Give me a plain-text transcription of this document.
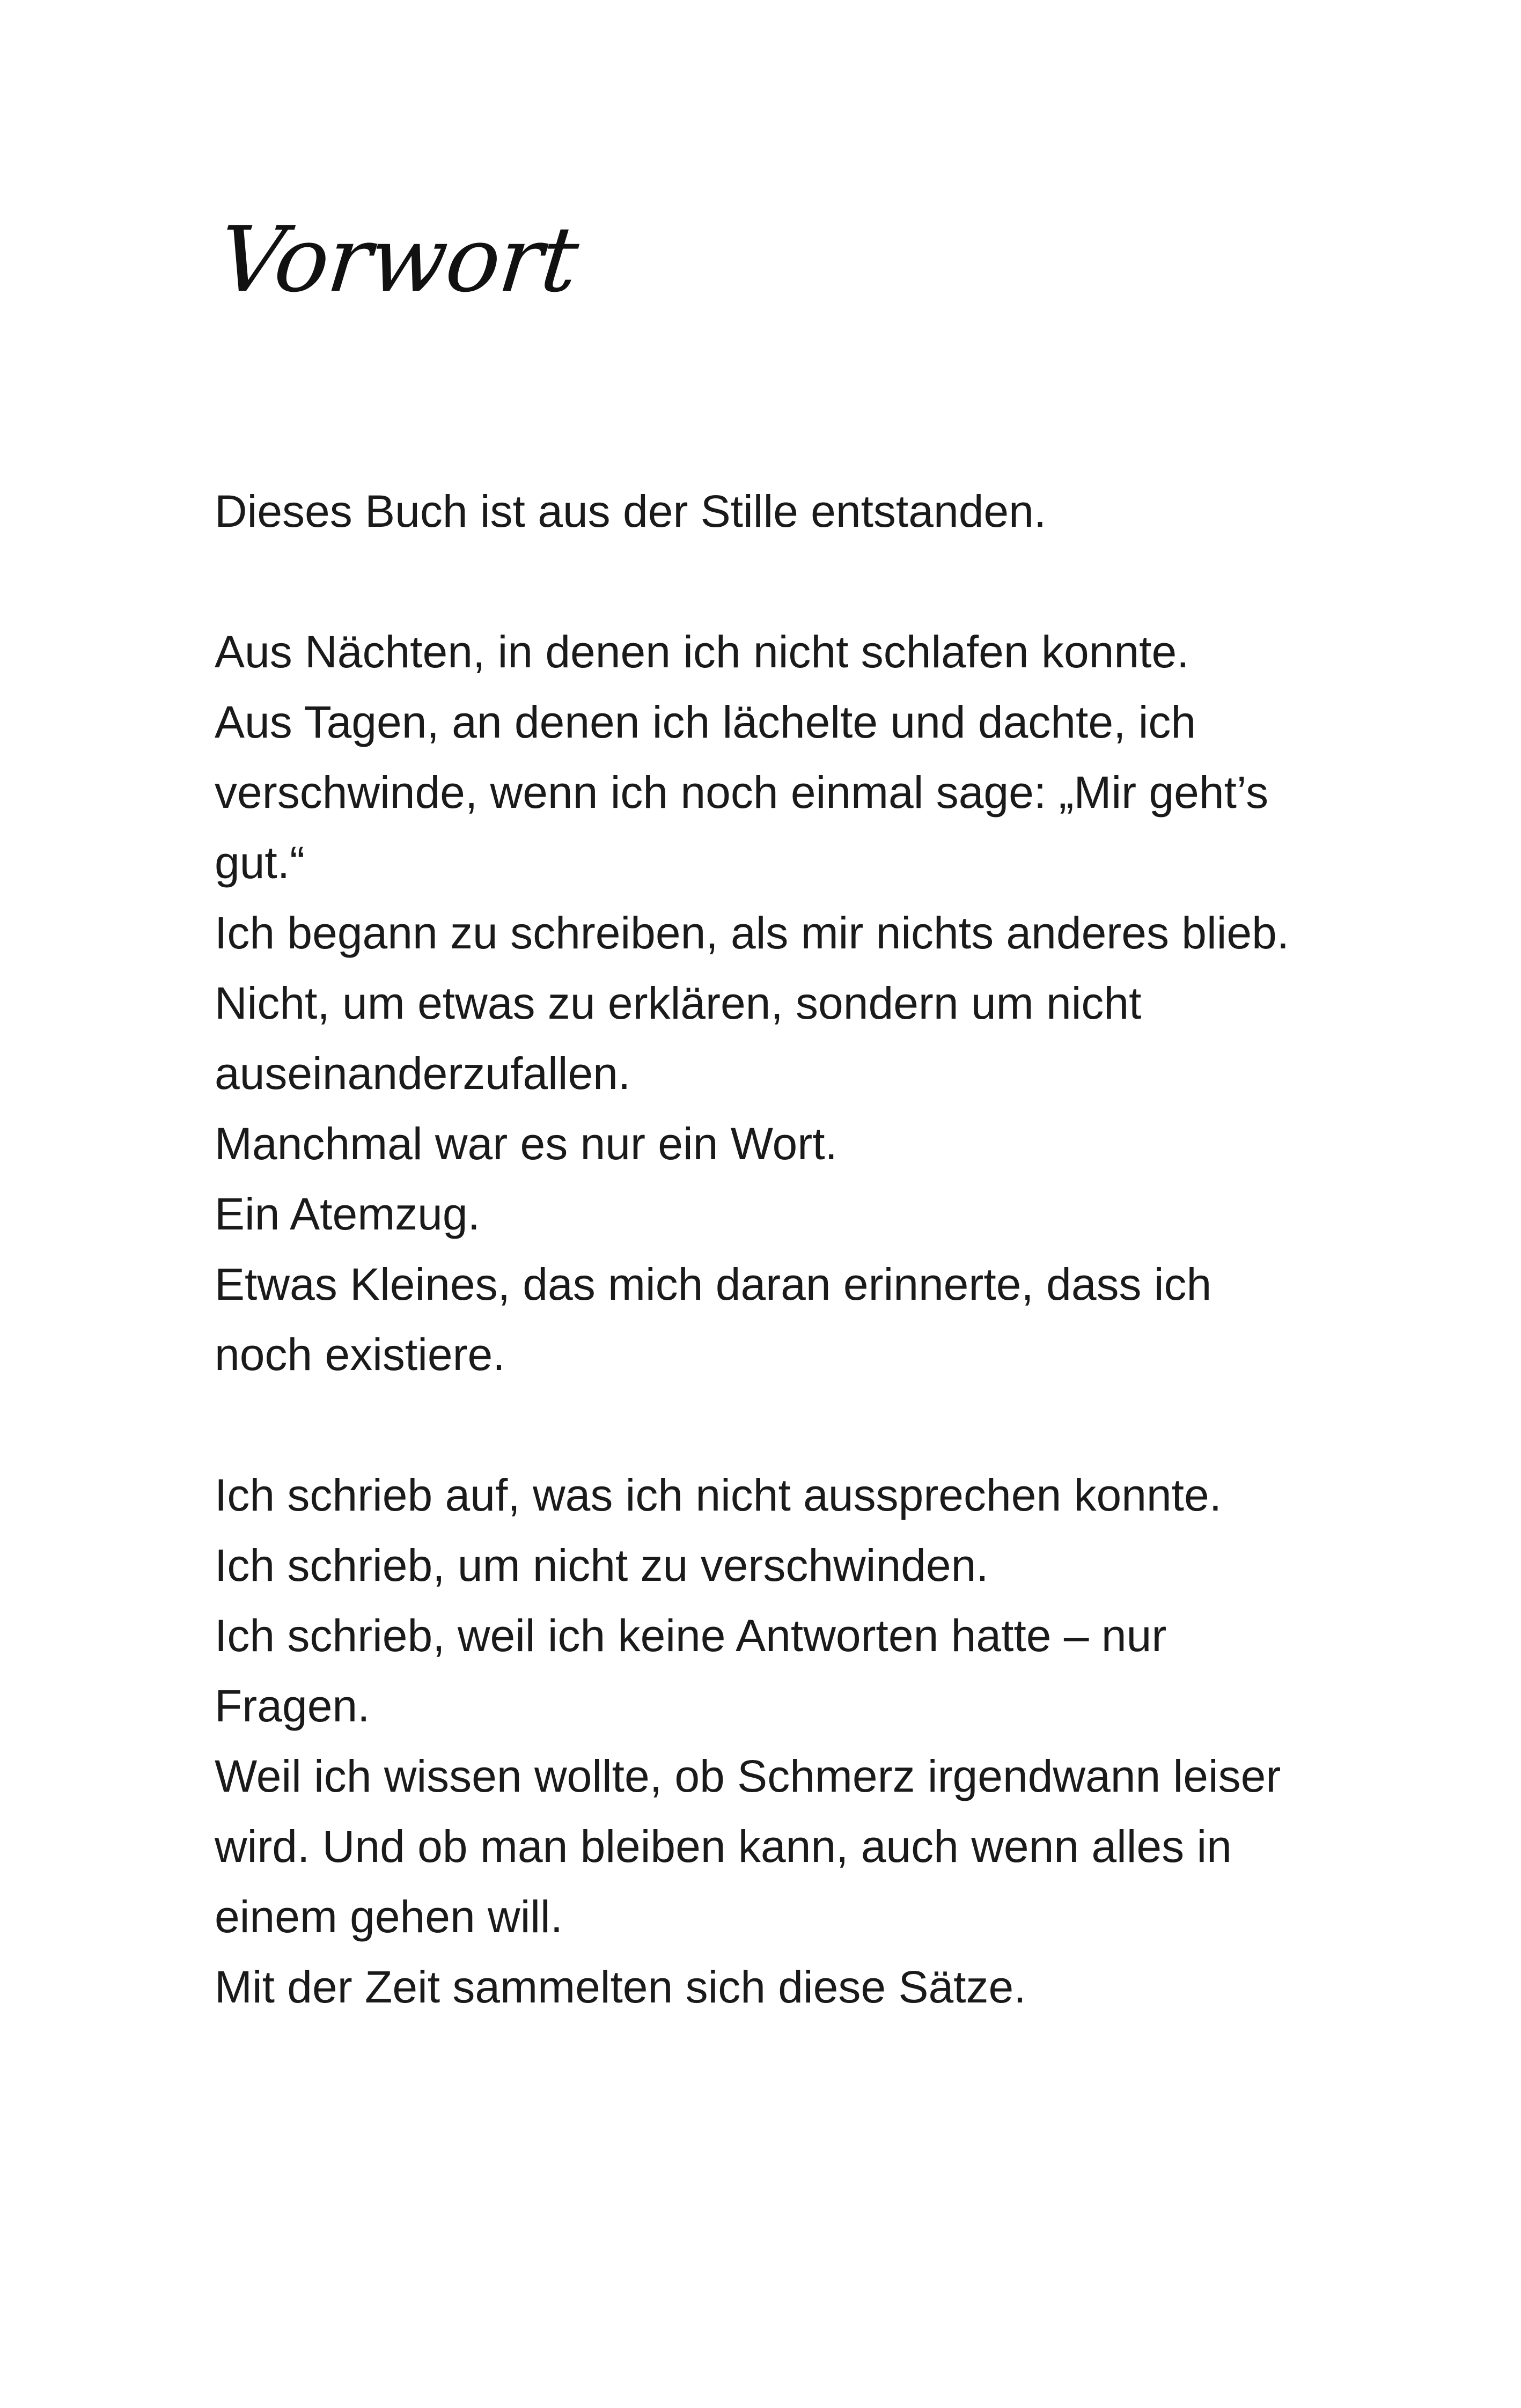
Vorwort
Dieses Buch ist aus der Stille entstanden.
Aus Nächten, in denen ich nicht schlafen konnte.
Aus Tagen, an denen ich lächelte und dachte, ich
verschwinde, wenn ich noch einmal sage: „Mir geht’s
gut.“
Ich begann zu schreiben, als mir nichts anderes blieb.
Nicht, um etwas zu erklären, sondern um nicht
auseinanderzufallen.
Manchmal war es nur ein Wort.
Ein Atemzug.
Etwas Kleines, das mich daran erinnerte, dass ich
noch existiere.
Ich schrieb auf, was ich nicht aussprechen konnte.
Ich schrieb, um nicht zu verschwinden.
Ich schrieb, weil ich keine Antworten hatte – nur
Fragen.
Weil ich wissen wollte, ob Schmerz irgendwann leiser
wird. Und ob man bleiben kann, auch wenn alles in
einem gehen will.
Mit der Zeit sammelten sich diese Sätze.
